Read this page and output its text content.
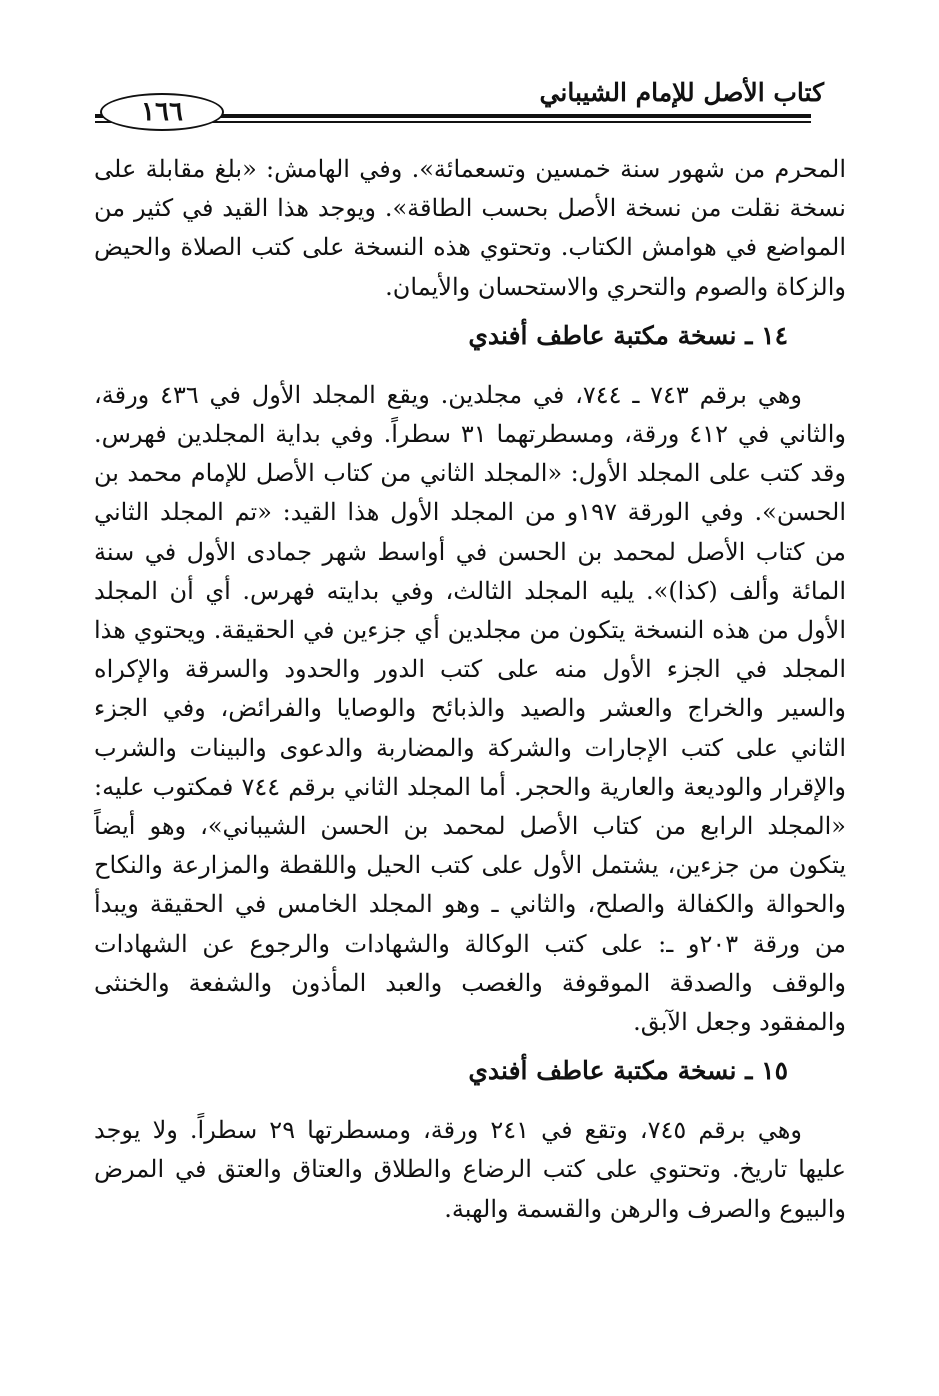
كتاب الأصل للإمام الشيباني
١٦٦

المحرم من شهور سنة خمسين وتسعمائة». وفي الهامش: «بلغ مقابلة على نسخة نقلت من نسخة الأصل بحسب الطاقة». ويوجد هذا القيد في كثير من المواضع في هوامش الكتاب. وتحتوي هذه النسخة على كتب الصلاة والحيض والزكاة والصوم والتحري والاستحسان والأيمان.

١٤ ـ نسخة مكتبة عاطف أفندي

وهي برقم ٧٤٣ ـ ٧٤٤، في مجلدين. ويقع المجلد الأول في ٤٣٦ ورقة، والثاني في ٤١٢ ورقة، ومسطرتهما ٣١ سطراً. وفي بداية المجلدين فهرس. وقد كتب على المجلد الأول: «المجلد الثاني من كتاب الأصل للإمام محمد بن الحسن». وفي الورقة ١٩٧و من المجلد الأول هذا القيد: «تم المجلد الثاني من كتاب الأصل لمحمد بن الحسن في أواسط شهر جمادى الأول في سنة المائة وألف (كذا)». يليه المجلد الثالث، وفي بدايته فهرس. أي أن المجلد الأول من هذه النسخة يتكون من مجلدين أي جزءين في الحقيقة. ويحتوي هذا المجلد في الجزء الأول منه على كتب الدور والحدود والسرقة والإكراه والسير والخراج والعشر والصيد والذبائح والوصايا والفرائض، وفي الجزء الثاني على كتب الإجارات والشركة والمضاربة والدعوى والبينات والشرب والإقرار والوديعة والعارية والحجر. أما المجلد الثاني برقم ٧٤٤ فمكتوب عليه: «المجلد الرابع من كتاب الأصل لمحمد بن الحسن الشيباني»، وهو أيضاً يتكون من جزءين، يشتمل الأول على كتب الحيل واللقطة والمزارعة والنكاح والحوالة والكفالة والصلح، والثاني ـ وهو المجلد الخامس في الحقيقة ويبدأ من ورقة ٢٠٣و ـ: على كتب الوكالة والشهادات والرجوع عن الشهادات والوقف والصدقة الموقوفة والغصب والعبد المأذون والشفعة والخنثى والمفقود وجعل الآبق.

١٥ ـ نسخة مكتبة عاطف أفندي

وهي برقم ٧٤٥، وتقع في ٢٤١ ورقة، ومسطرتها ٢٩ سطراً. ولا يوجد عليها تاريخ. وتحتوي على كتب الرضاع والطلاق والعتاق والعتق في المرض والبيوع والصرف والرهن والقسمة والهبة.
